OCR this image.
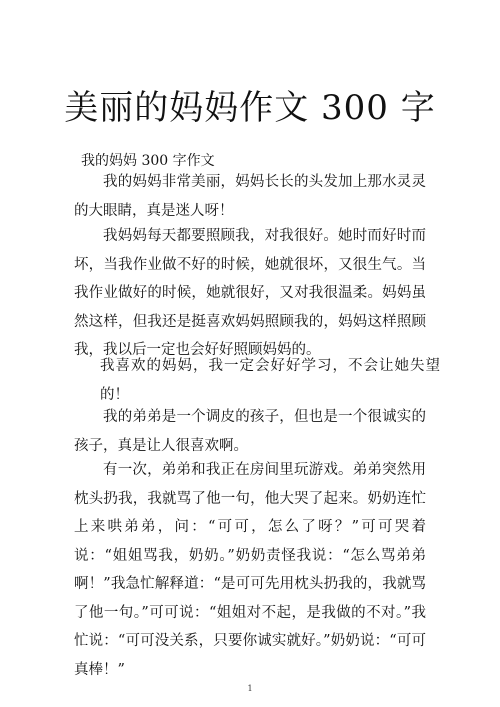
美丽的妈妈作文 300 字
我的妈妈 300 字作文

我的妈妈非常美丽，妈妈长长的头发加上那水灵灵的大眼睛，真是迷人呀！

我妈妈每天都要照顾我，对我很好。她时而好时而坏，当我作业做不好的时候，她就很坏，又很生气。当我作业做好的时候，她就很好，又对我很温柔。妈妈虽然这样，但我还是挺喜欢妈妈照顾我的，妈妈这样照顾我，我以后一定也会好好照顾妈妈的。

我喜欢的妈妈，我一定会好好学习，不会让她失望的！

我的弟弟是一个调皮的孩子，但也是一个很诚实的孩子，真是让人很喜欢啊。

有一次，弟弟和我正在房间里玩游戏。弟弟突然用枕头扔我，我就骂了他一句，他大哭了起来。奶奶连忙上来哄弟弟，问：“可可，怎么了呀？”可可哭着说：“姐姐骂我，奶奶。”奶奶责怪我说：“怎么骂弟弟啊！”我急忙解释道：“是可可先用枕头扔我的，我就骂了他一句。”可可说：“姐姐对不起，是我做的不对。”我忙说：“可可没关系，只要你诚实就好。”奶奶说：“可可真棒！”

1
